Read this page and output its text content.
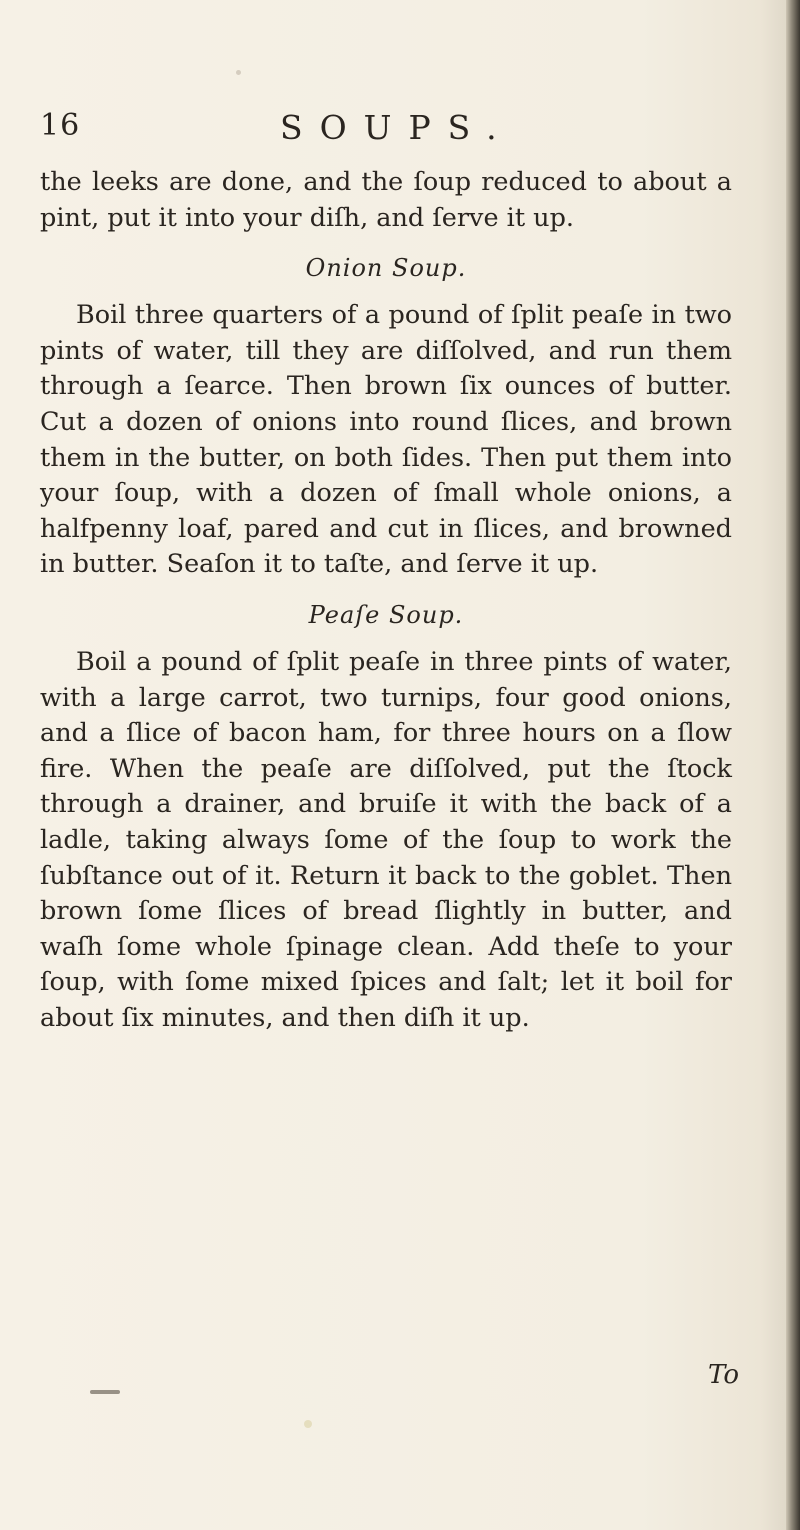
16	SOUPS.

the leeks are done, and the ſoup reduced to about a pint, put it into your diſh, and ſerve it up.

Onion Soup.

Boil three quarters of a pound of ſplit peaſe in two pints of water, till they are diſſolved, and run them through a ſearce. Then brown ſix ounces of butter. Cut a dozen of onions into round ſlices, and brown them in the butter, on both ſides. Then put them into your ſoup, with a dozen of ſmall whole onions, a halfpenny loaf, pared and cut in ſlices, and browned in butter. Seaſon it to taſte, and ſerve it up.

Peaſe Soup.

Boil a pound of ſplit peaſe in three pints of water, with a large carrot, two turnips, four good onions, and a ſlice of bacon ham, for three hours on a ſlow fire. When the peaſe are diſſolved, put the ſtock through a drainer, and bruiſe it with the back of a ladle, taking always ſome of the ſoup to work the ſubſtance out of it. Return it back to the goblet. Then brown ſome ſlices of bread ſlightly in butter, and waſh ſome whole ſpinage clean. Add theſe to your ſoup, with ſome mixed ſpices and ſalt; let it boil for about ſix minutes, and then diſh it up.

To
